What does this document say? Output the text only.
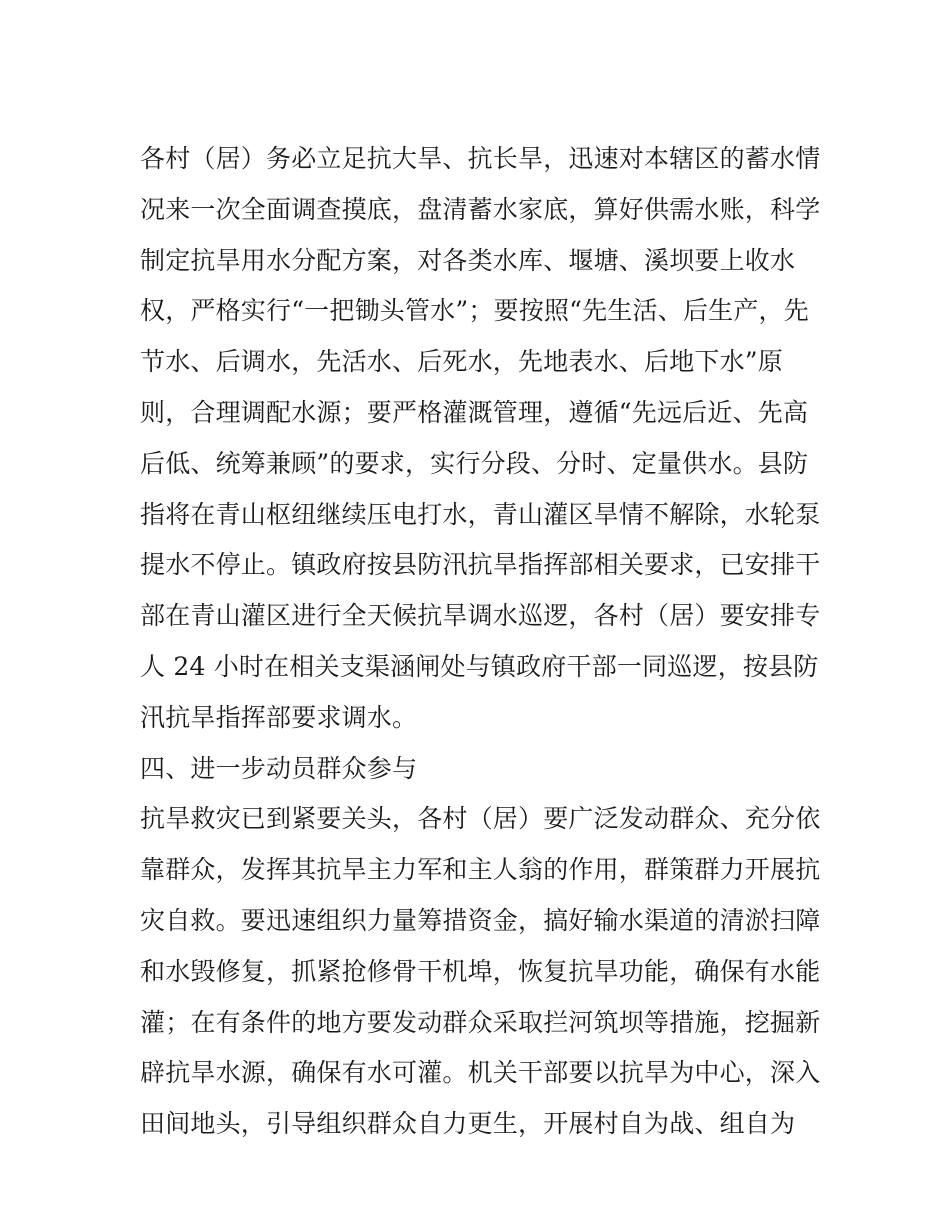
各村（居）务必立足抗大旱、抗长旱，迅速对本辖区的蓄水情
况来一次全面调查摸底，盘清蓄水家底，算好供需水账，科学
制定抗旱用水分配方案，对各类水库、堰塘、溪坝要上收水
权，严格实行“一把锄头管水”；要按照“先生活、后生产，先
节水、后调水，先活水、后死水，先地表水、后地下水”原
则，合理调配水源；要严格灌溉管理，遵循“先远后近、先高
后低、统筹兼顾”的要求，实行分段、分时、定量供水。县防
指将在青山枢纽继续压电打水，青山灌区旱情不解除，水轮泵
提水不停止。镇政府按县防汛抗旱指挥部相关要求，已安排干
部在青山灌区进行全天候抗旱调水巡逻，各村（居）要安排专
人 24 小时在相关支渠涵闸处与镇政府干部一同巡逻，按县防
汛抗旱指挥部要求调水。
四、进一步动员群众参与
抗旱救灾已到紧要关头，各村（居）要广泛发动群众、充分依
靠群众，发挥其抗旱主力军和主人翁的作用，群策群力开展抗
灾自救。要迅速组织力量筹措资金，搞好输水渠道的清淤扫障
和水毁修复，抓紧抢修骨干机埠，恢复抗旱功能，确保有水能
灌；在有条件的地方要发动群众采取拦河筑坝等措施，挖掘新
辟抗旱水源，确保有水可灌。机关干部要以抗旱为中心，深入
田间地头，引导组织群众自力更生，开展村自为战、组自为
